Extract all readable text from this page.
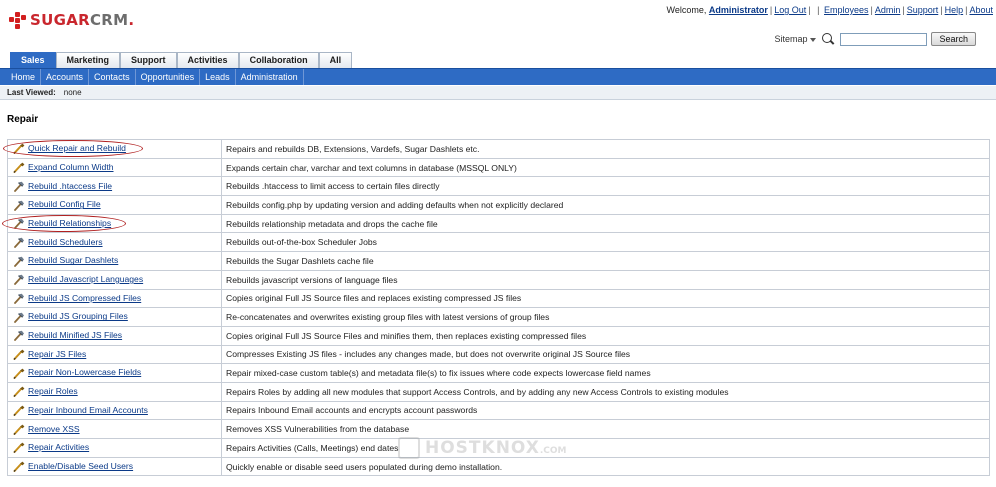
SUGARCRM.
Welcome, Administrator | Log Out | | Employees | Admin | Support | Help | About
Sitemap	Search
Sales	Marketing	Support	Activities	Collaboration	All
Home	Accounts	Contacts	Opportunities	Leads	Administration
Last Viewed: none
Repair
Quick Repair and Rebuild	Repairs and rebuilds DB, Extensions, Vardefs, Sugar Dashlets etc.
Expand Column Width	Expands certain char, varchar and text columns in database (MSSQL ONLY)
Rebuild .htaccess File	Rebuilds .htaccess to limit access to certain files directly
Rebuild Config File	Rebuilds config.php by updating version and adding defaults when not explicitly declared
Rebuild Relationships	Rebuilds relationship metadata and drops the cache file
Rebuild Schedulers	Rebuilds out-of-the-box Scheduler Jobs
Rebuild Sugar Dashlets	Rebuilds the Sugar Dashlets cache file
Rebuild Javascript Languages	Rebuilds javascript versions of language files
Rebuild JS Compressed Files	Copies original Full JS Source files and replaces existing compressed JS files
Rebuild JS Grouping Files	Re-concatenates and overwrites existing group files with latest versions of group files
Rebuild Minified JS Files	Copies original Full JS Source Files and minifies them, then replaces existing compressed files
Repair JS Files	Compresses Existing JS files - includes any changes made, but does not overwrite original JS Source files
Repair Non-Lowercase Fields	Repair mixed-case custom table(s) and metadata file(s) to fix issues where code expects lowercase field names
Repair Roles	Repairs Roles by adding all new modules that support Access Controls, and by adding any new Access Controls to existing modules
Repair Inbound Email Accounts	Repairs Inbound Email accounts and encrypts account passwords
Remove XSS	Removes XSS Vulnerabilities from the database
Repair Activities	Repairs Activities (Calls, Meetings) end dates
Enable/Disable Seed Users	Quickly enable or disable seed users populated during demo installation.
HOSTKNOX.COM
